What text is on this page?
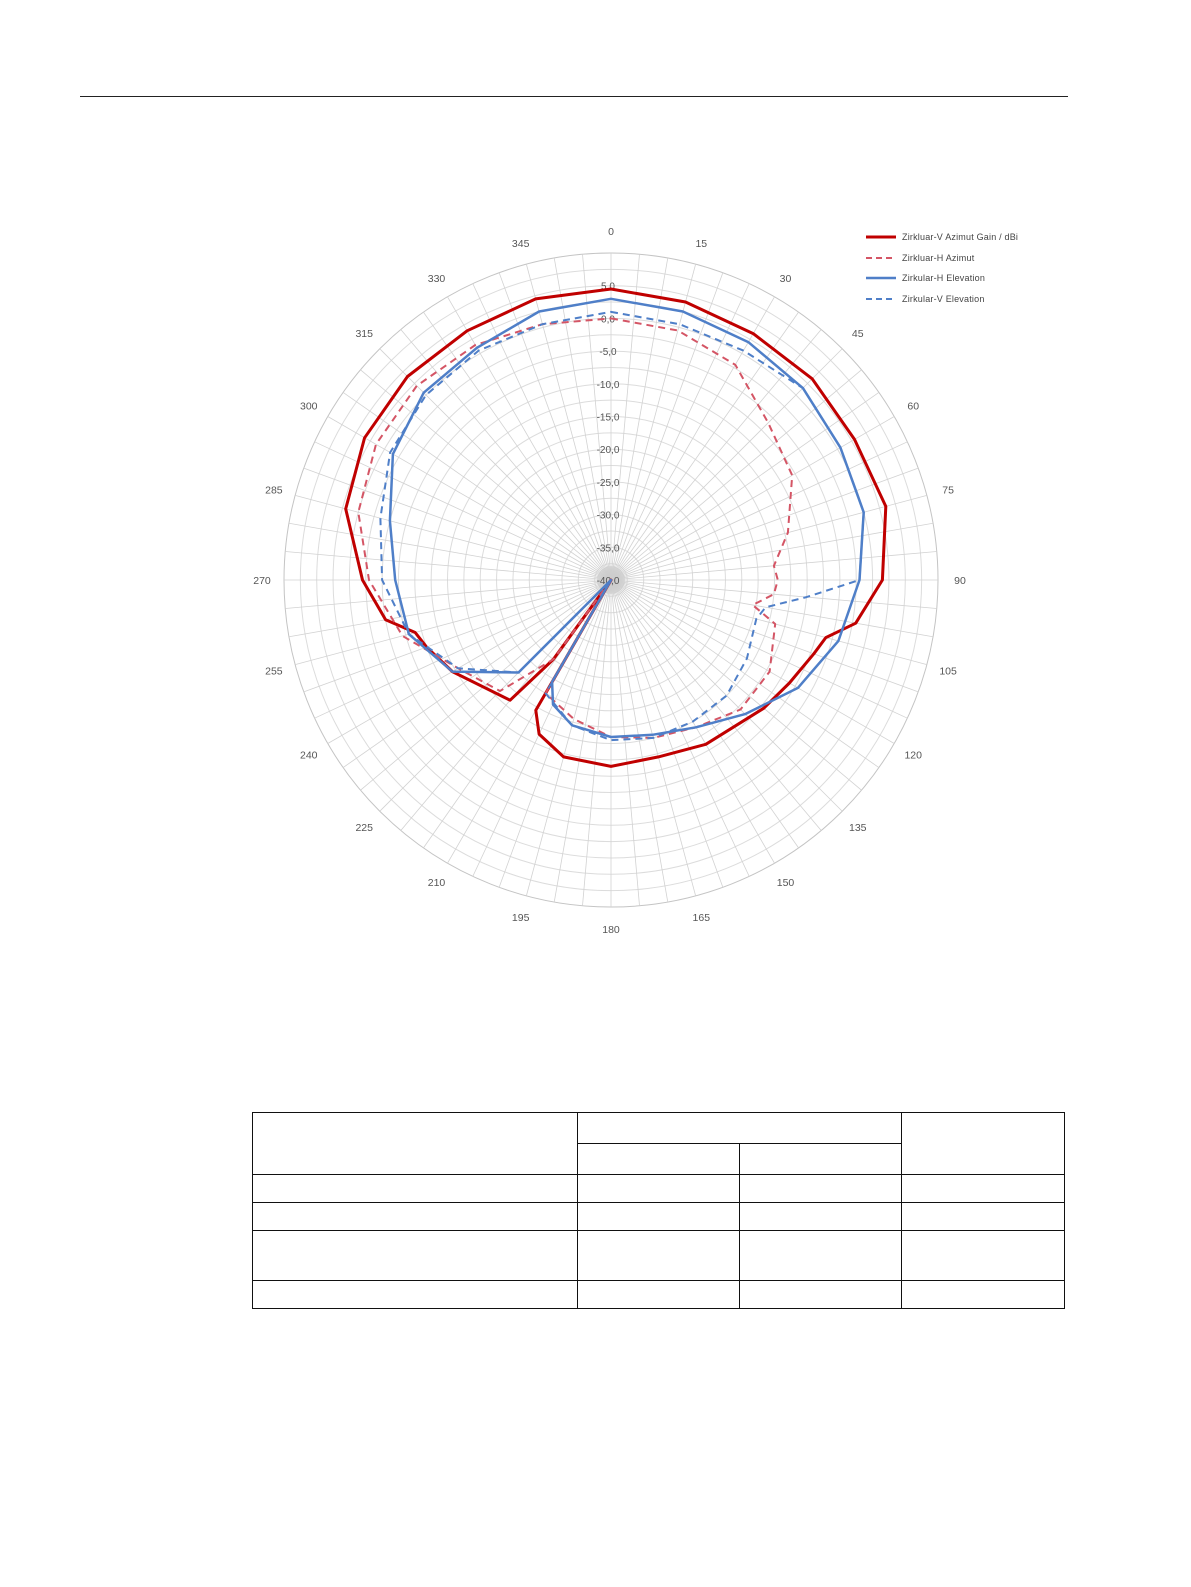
0
15
30
45
60
75
90
105
120
135
150
165
180
195
210
225
240
255
270
285
300
315
330
345
-40,0
-35,0
-30,0
-25,0
-20,0
-15,0
-10,0
-5,0
0,0
5,0
Zirkluar-V Azimut Gain / dBi
Zirkluar-H Azimut
Zirkular-H Elevation
Zirkular-V Elevation
